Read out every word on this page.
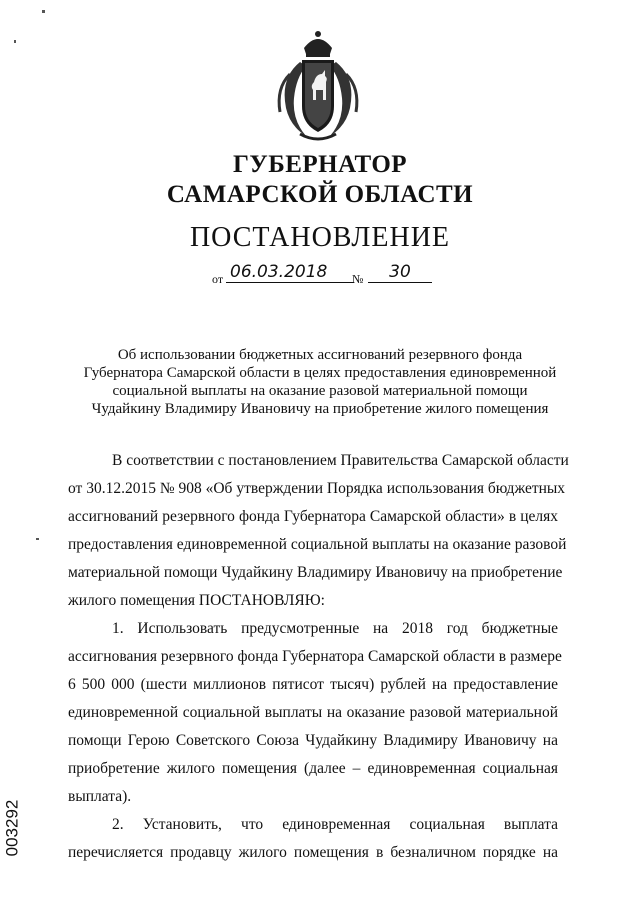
ГУБЕРНАТОР
САМАРСКОЙ ОБЛАСТИ
ПОСТАНОВЛЕНИЕ
от 06.03.2018	№	30
Об использовании бюджетных ассигнований резервного фонда
Губернатора Самарской области в целях предоставления единовременной
социальной выплаты на оказание разовой материальной помощи
Чудайкину Владимиру Ивановичу на приобретение жилого помещения
В соответствии с постановлением Правительства Самарской области
от 30.12.2015 № 908 «Об утверждении Порядка использования бюджетных
ассигнований резервного фонда Губернатора Самарской области» в целях
предоставления единовременной социальной выплаты на оказание разовой
материальной помощи Чудайкину Владимиру Ивановичу на приобретение
жилого помещения ПОСТАНОВЛЯЮ:
1. Использовать предусмотренные на 2018 год бюджетные
ассигнования резервного фонда Губернатора Самарской области в размере
6 500 000 (шести миллионов пятисот тысяч) рублей на предоставление
единовременной социальной выплаты на оказание разовой материальной
помощи Герою Советского Союза Чудайкину Владимиру Ивановичу на
приобретение жилого помещения (далее – единовременная социальная
выплата).
2. Установить, что единовременная социальная выплата
перечисляется продавцу жилого помещения в безналичном порядке на
003292
